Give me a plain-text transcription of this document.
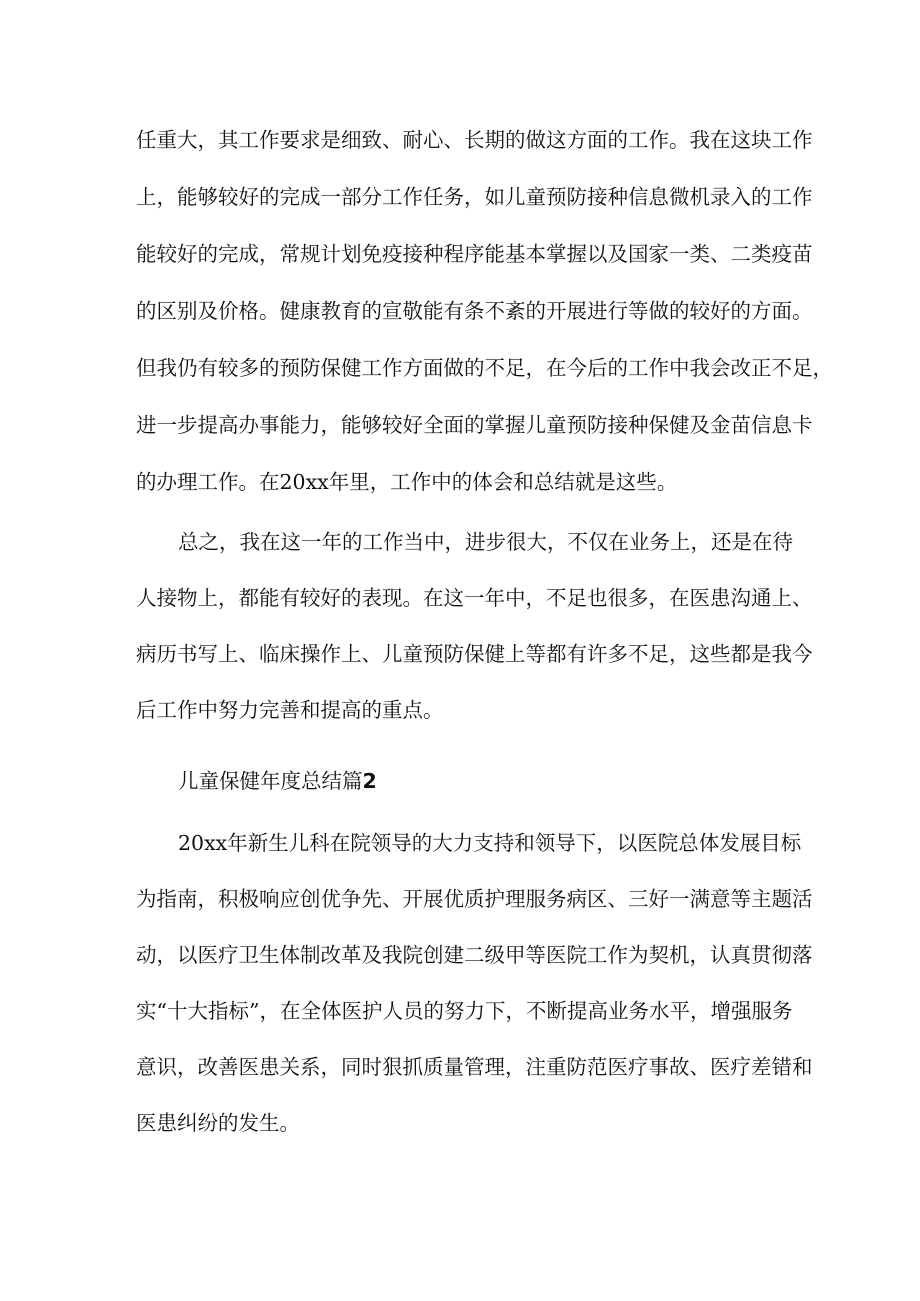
任重大，其工作要求是细致、耐心、长期的做这方面的工作。我在这块工作
上，能够较好的完成一部分工作任务，如儿童预防接种信息微机录入的工作
能较好的完成，常规计划免疫接种程序能基本掌握以及国家一类、二类疫苗
的区别及价格。健康教育的宣敬能有条不紊的开展进行等做的较好的方面。
但我仍有较多的预防保健工作方面做的不足，在今后的工作中我会改正不足，
进一步提高办事能力，能够较好全面的掌握儿童预防接种保健及金苗信息卡
的办理工作。在20xx年里，工作中的体会和总结就是这些。
总之，我在这一年的工作当中，进步很大，不仅在业务上，还是在待
人接物上，都能有较好的表现。在这一年中，不足也很多，在医患沟通上、
病历书写上、临床操作上、儿童预防保健上等都有许多不足，这些都是我今
后工作中努力完善和提高的重点。
儿童保健年度总结篇2
20xx年新生儿科在院领导的大力支持和领导下，以医院总体发展目标
为指南，积极响应创优争先、开展优质护理服务病区、三好一满意等主题活
动，以医疗卫生体制改革及我院创建二级甲等医院工作为契机，认真贯彻落
实“十大指标”，在全体医护人员的努力下，不断提高业务水平，增强服务
意识，改善医患关系，同时狠抓质量管理，注重防范医疗事故、医疗差错和
医患纠纷的发生。
